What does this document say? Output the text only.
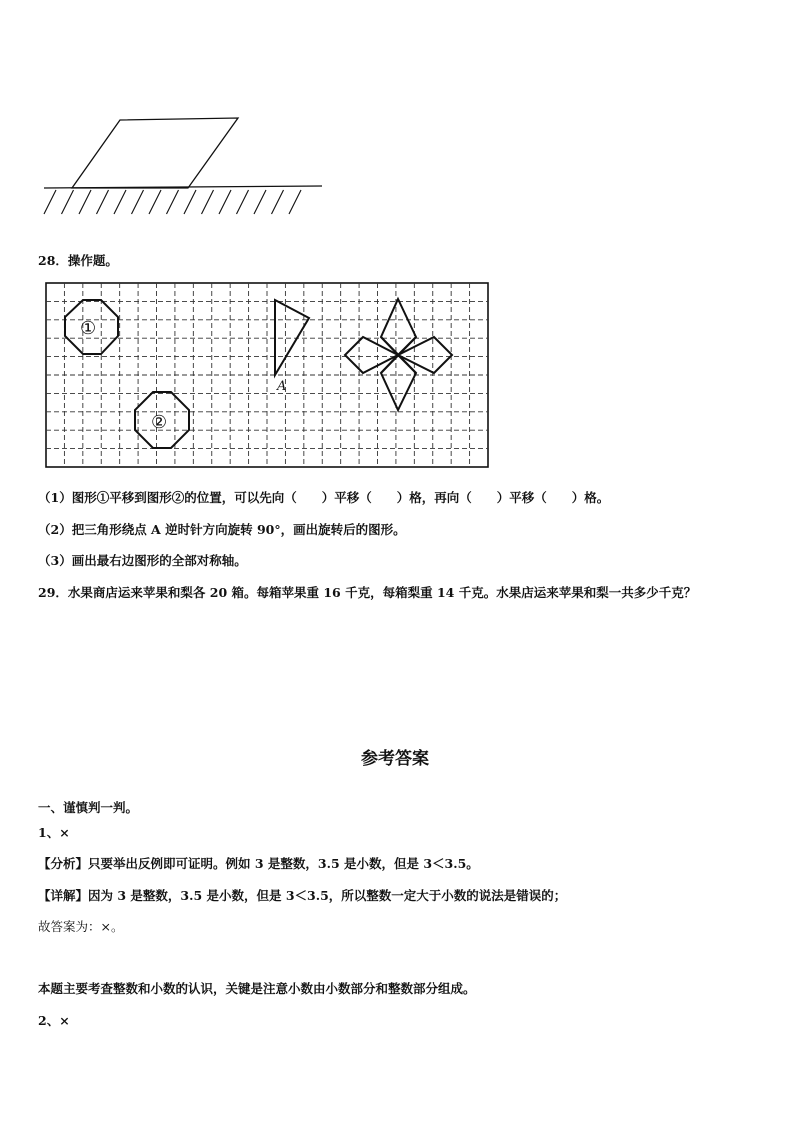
28．操作题。
①
②
A
（1）图形①平移到图形②的位置，可以先向（　　）平移（　　）格，再向（　　）平移（　　）格。
（2）把三角形绕点 A 逆时针方向旋转 90°，画出旋转后的图形。
（3）画出最右边图形的全部对称轴。
29．水果商店运来苹果和梨各 20 箱。每箱苹果重 16 千克，每箱梨重 14 千克。水果店运来苹果和梨一共多少千克？
参考答案
一、谨慎判一判。
1、×
【分析】只要举出反例即可证明。例如 3 是整数，3.5 是小数，但是 3＜3.5。
【详解】因为 3 是整数，3.5 是小数，但是 3＜3.5，所以整数一定大于小数的说法是错误的；
故答案为：×。
本题主要考查整数和小数的认识，关键是注意小数由小数部分和整数部分组成。
2、×
